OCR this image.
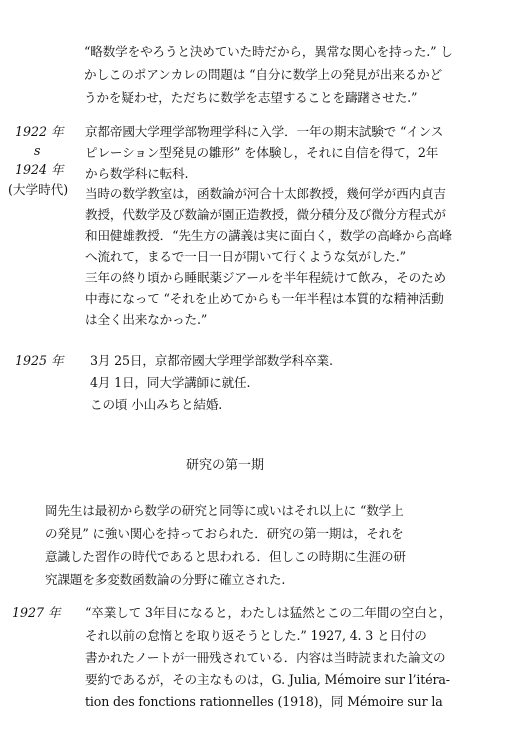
“略数学をやろうと決めていた時だから，異常な関心を持った.” し
かしこのポアンカレの問題は “自分に数学上の発見が出来るかど
うかを疑わせ，ただちに数学を志望することを躊躇させた.”
1922 年
s
1924 年
(大学時代)
京都帝國大学理学部物理学科に入学．一年の期末試験で “インス
ピレーション型発見の雛形” を体験し，それに自信を得て，2年
から数学科に転科.
当時の数学教室は，函数論が河合十太郎教授，幾何学が西内貞吉
教授，代数学及び数論が園正造教授，微分積分及び微分方程式が
和田健雄教授．“先生方の講義は実に面白く，数学の高峰から高峰
へ流れて，まるで一日一日が開いて行くような気がした.”
三年の終り頃から睡眠薬ジアールを半年程続けて飲み，そのため
中毒になって “それを止めてからも一年半程は本質的な精神活動
は全く出来なかった.”
1925 年 3月 25日，京都帝國大学理学部数学科卒業.
4月 1日，同大学講師に就任.
この頃 小山みちと結婚.
研究の第一期
岡先生は最初から数学の研究と同等に或いはそれ以上に “数学上
の発見” に強い関心を持っておられた．研究の第一期は，それを
意識した習作の時代であると思われる．但しこの時期に生涯の研
究課題を多変数函数論の分野に確立された.
1927 年 “卒業して 3年目になると，わたしは猛然とこの二年間の空白と，
それ以前の怠惰とを取り返そうとした.” 1927, 4. 3 と日付の
書かれたノートが一冊残されている．内容は当時読まれた論文の
要約であるが，その主なものは，G. Julia, Mémoire sur l’itéra-
tion des fonctions rationnelles (1918)，同 Mémoire sur la
